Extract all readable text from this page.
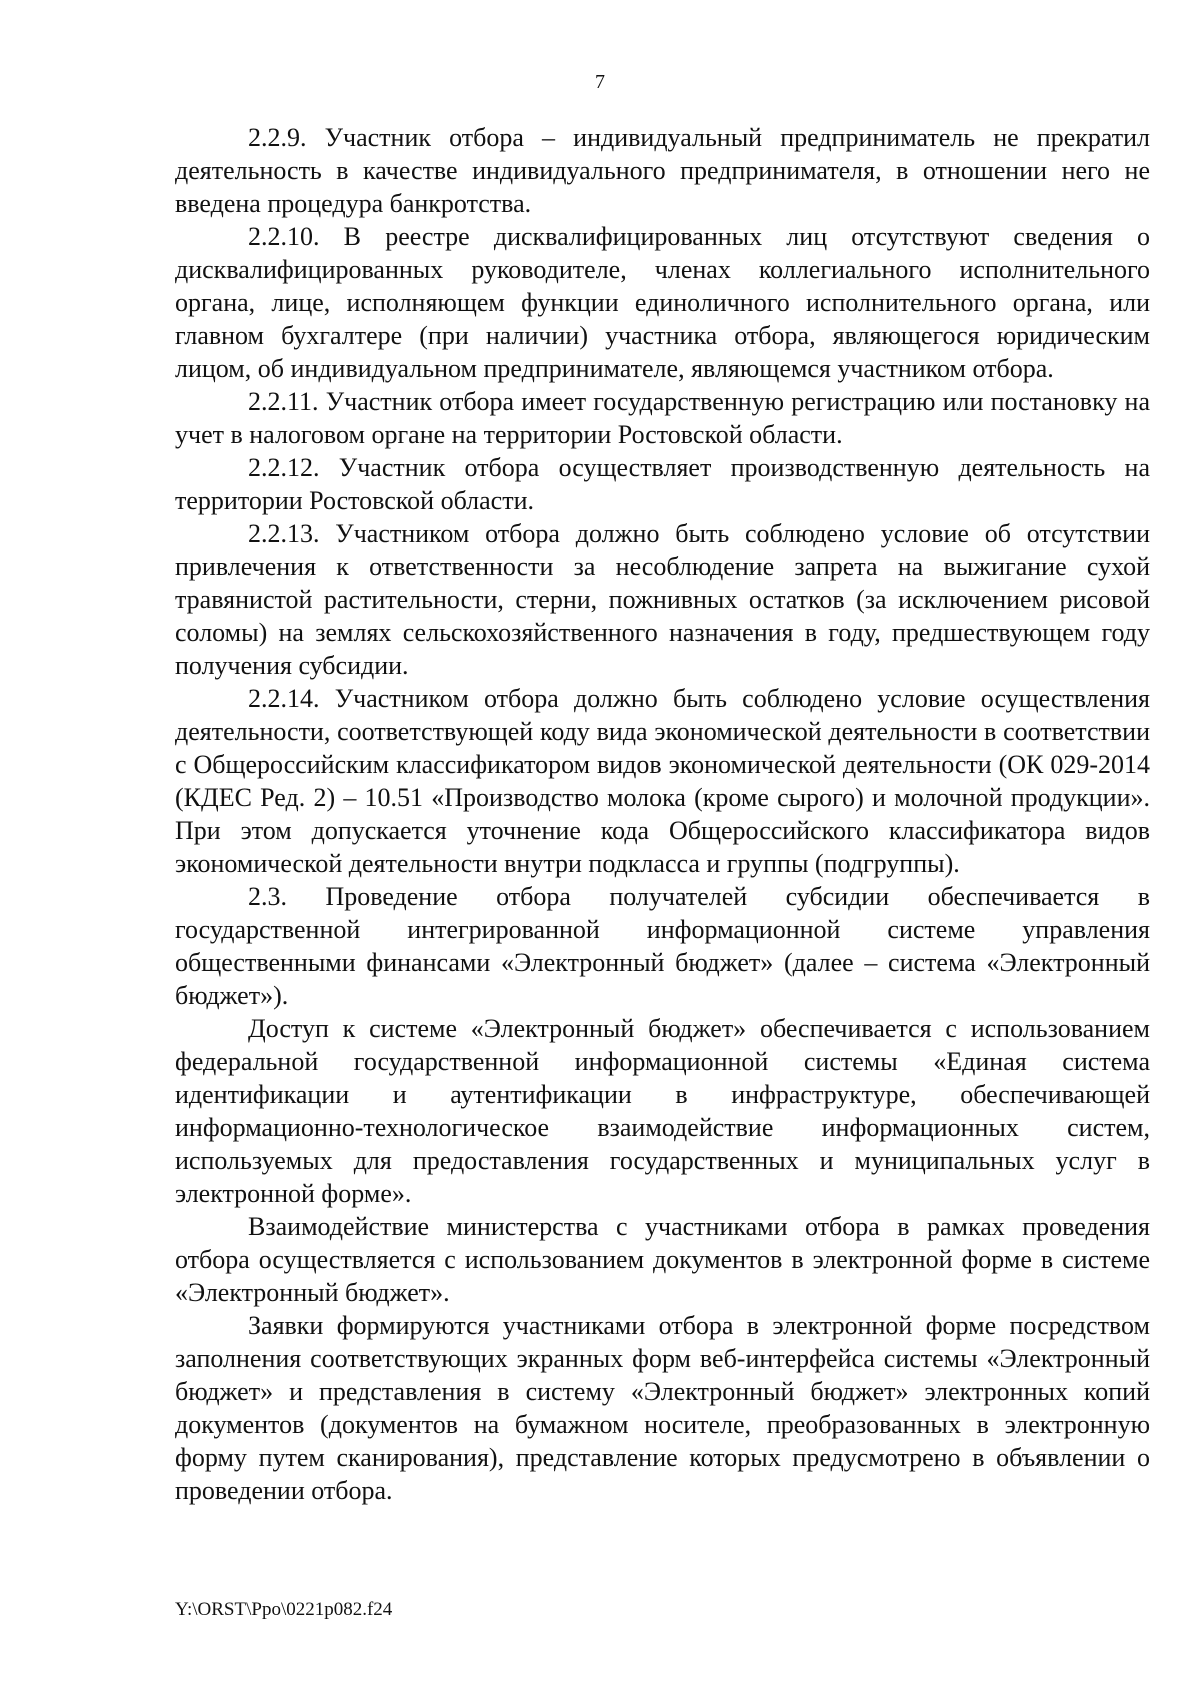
7

2.2.9. Участник отбора – индивидуальный предприниматель не прекратил деятельность в качестве индивидуального предпринимателя, в отношении него не введена процедура банкротства.

2.2.10. В реестре дисквалифицированных лиц отсутствуют сведения о дисквалифицированных руководителе, членах коллегиального исполнительного органа, лице, исполняющем функции единоличного исполнительного органа, или главном бухгалтере (при наличии) участника отбора, являющегося юридическим лицом, об индивидуальном предпринимателе, являющемся участником отбора.

2.2.11. Участник отбора имеет государственную регистрацию или постановку на учет в налоговом органе на территории Ростовской области.

2.2.12. Участник отбора осуществляет производственную деятельность на территории Ростовской области.

2.2.13. Участником отбора должно быть соблюдено условие об отсутствии привлечения к ответственности за несоблюдение запрета на выжигание сухой травянистой растительности, стерни, пожнивных остатков (за исключением рисовой соломы) на землях сельскохозяйственного назначения в году, предшествующем году получения субсидии.

2.2.14. Участником отбора должно быть соблюдено условие осуществления деятельности, соответствующей коду вида экономической деятельности в соответствии с Общероссийским классификатором видов экономической деятельности (ОК 029-2014 (КДЕС Ред. 2) – 10.51 «Производство молока (кроме сырого) и молочной продукции». При этом допускается уточнение кода Общероссийского классификатора видов экономической деятельности внутри подкласса и группы (подгруппы).

2.3. Проведение отбора получателей субсидии обеспечивается в государственной интегрированной информационной системе управления общественными финансами «Электронный бюджет» (далее – система «Электронный бюджет»).

Доступ к системе «Электронный бюджет» обеспечивается с использованием федеральной государственной информационной системы «Единая система идентификации и аутентификации в инфраструктуре, обеспечивающей информационно-технологическое взаимодействие информационных систем, используемых для предоставления государственных и муниципальных услуг в электронной форме».

Взаимодействие министерства с участниками отбора в рамках проведения отбора осуществляется с использованием документов в электронной форме в системе «Электронный бюджет».

Заявки формируются участниками отбора в электронной форме посредством заполнения соответствующих экранных форм веб-интерфейса системы «Электронный бюджет» и представления в систему «Электронный бюджет» электронных копий документов (документов на бумажном носителе, преобразованных в электронную форму путем сканирования), представление которых предусмотрено в объявлении о проведении отбора.

Y:\ORST\Ppo\0221p082.f24
